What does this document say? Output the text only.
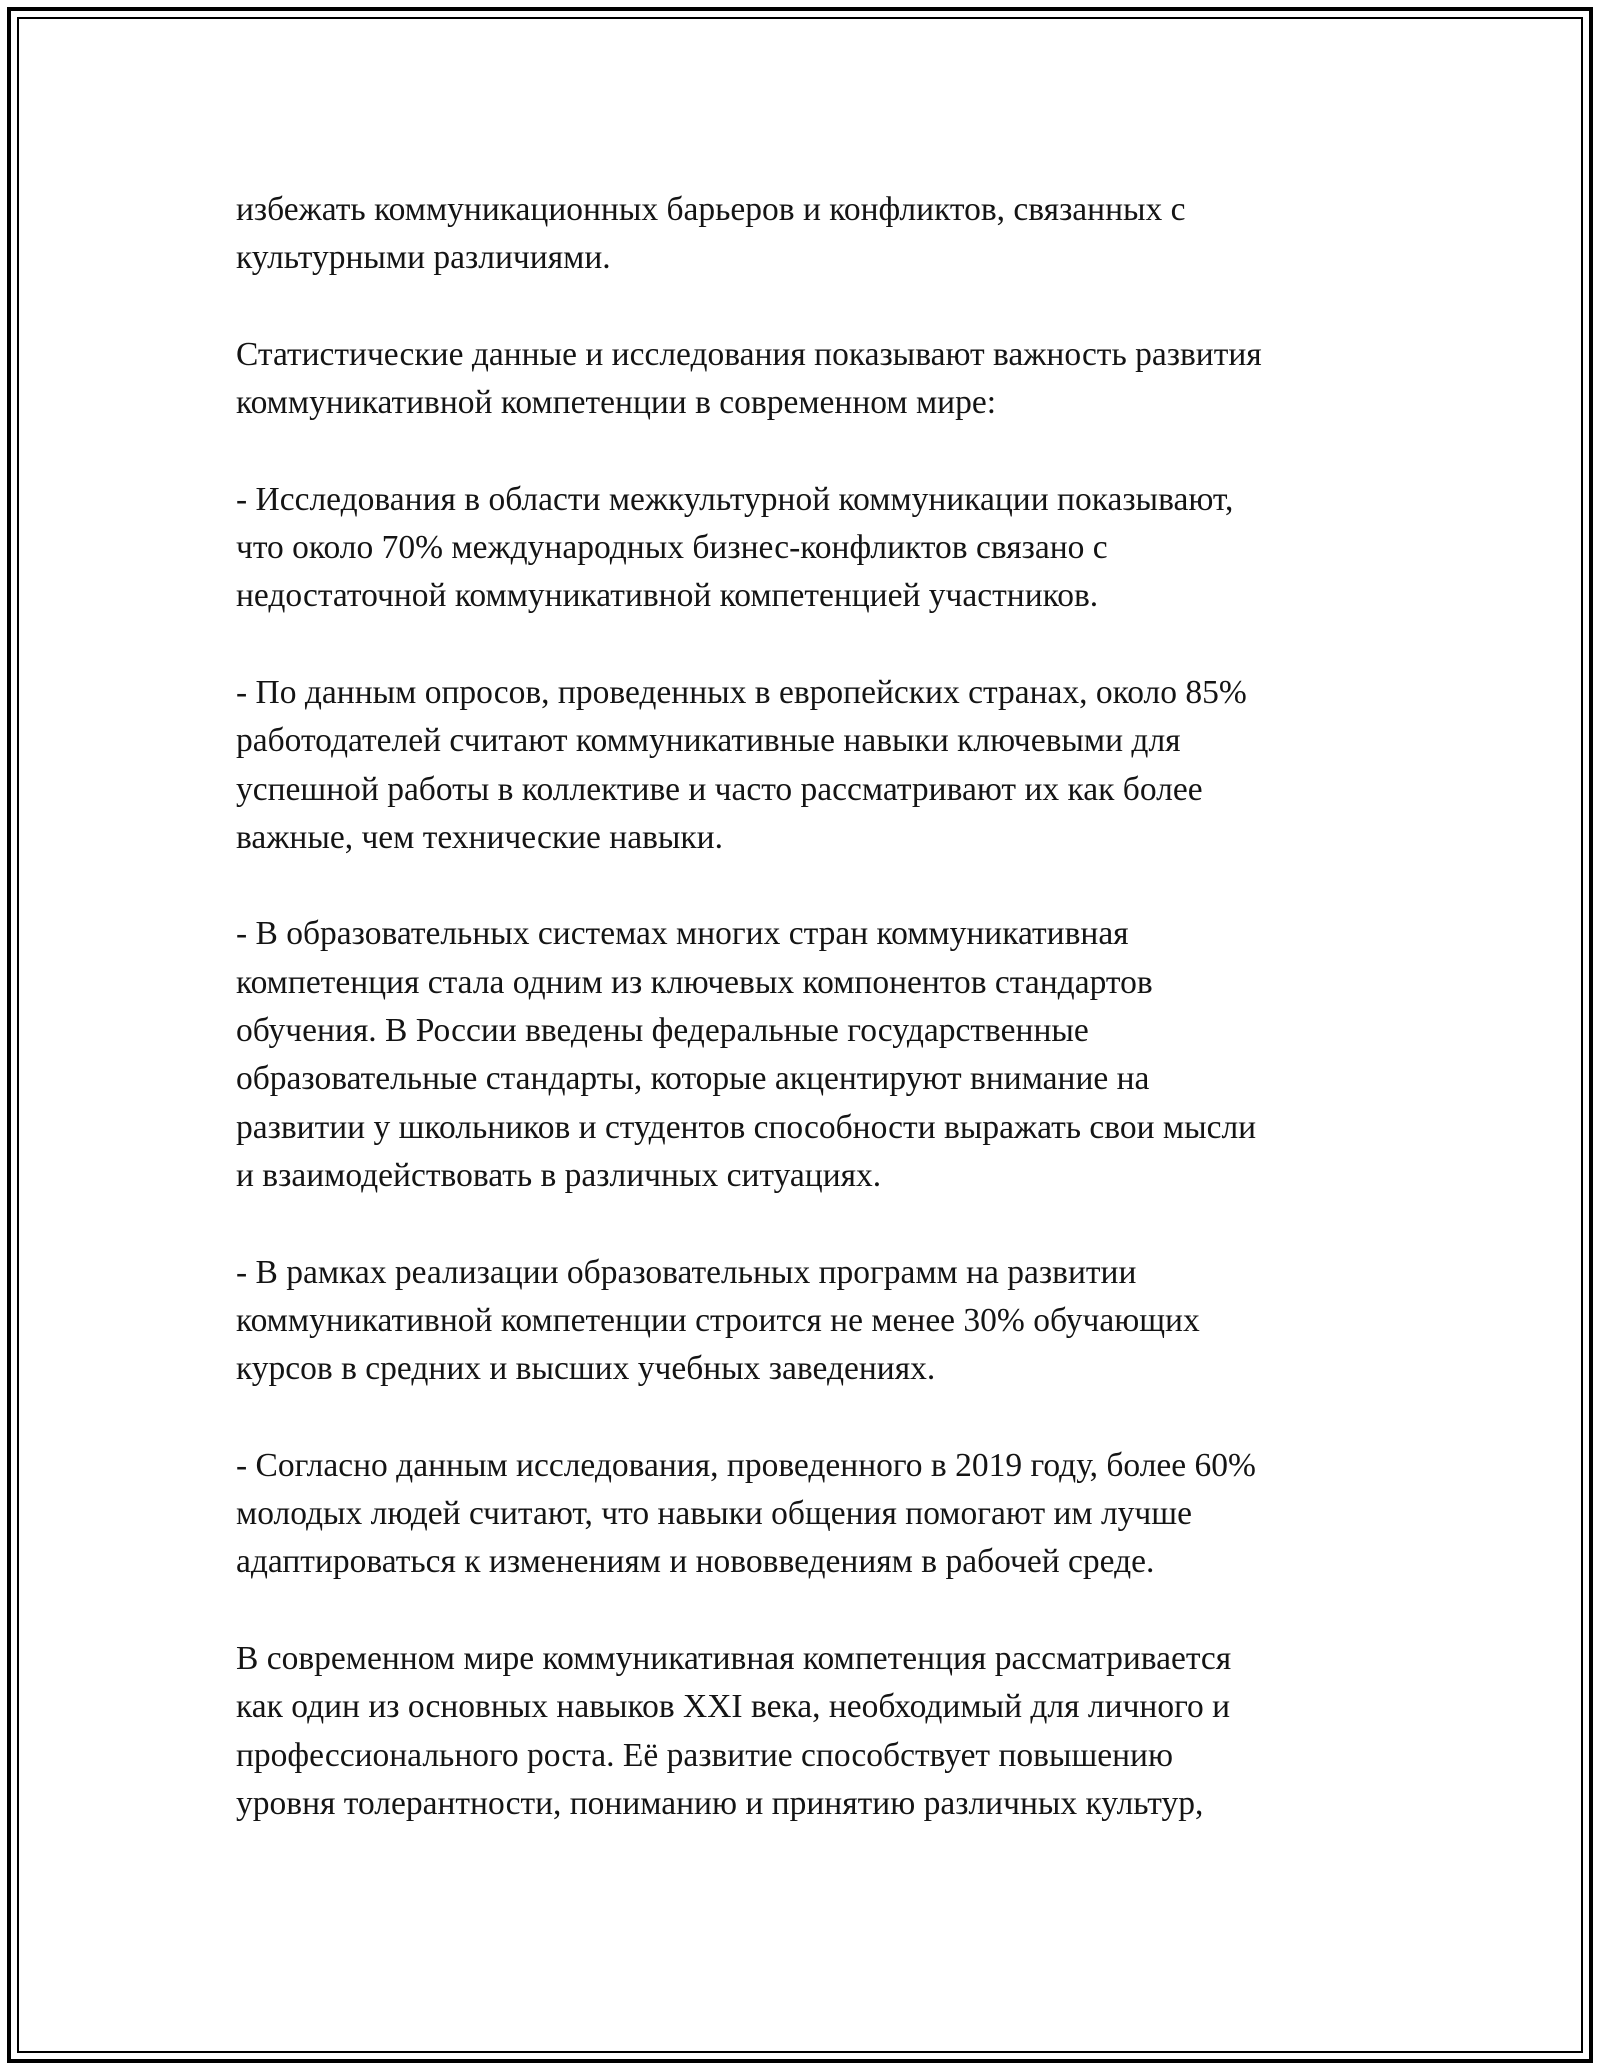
избежать коммуникационных барьеров и конфликтов, связанных с
культурными различиями.

Статистические данные и исследования показывают важность развития
коммуникативной компетенции в современном мире:

- Исследования в области межкультурной коммуникации показывают,
что около 70% международных бизнес-конфликтов связано с
недостаточной коммуникативной компетенцией участников.

- По данным опросов, проведенных в европейских странах, около 85%
работодателей считают коммуникативные навыки ключевыми для
успешной работы в коллективе и часто рассматривают их как более
важные, чем технические навыки.

- В образовательных системах многих стран коммуникативная
компетенция стала одним из ключевых компонентов стандартов
обучения. В России введены федеральные государственные
образовательные стандарты, которые акцентируют внимание на
развитии у школьников и студентов способности выражать свои мысли
и взаимодействовать в различных ситуациях.

- В рамках реализации образовательных программ на развитии
коммуникативной компетенции строится не менее 30% обучающих
курсов в средних и высших учебных заведениях.

- Согласно данным исследования, проведенного в 2019 году, более 60%
молодых людей считают, что навыки общения помогают им лучше
адаптироваться к изменениям и нововведениям в рабочей среде.

В современном мире коммуникативная компетенция рассматривается
как один из основных навыков XXI века, необходимый для личного и
профессионального роста. Её развитие способствует повышению
уровня толерантности, пониманию и принятию различных культур,
